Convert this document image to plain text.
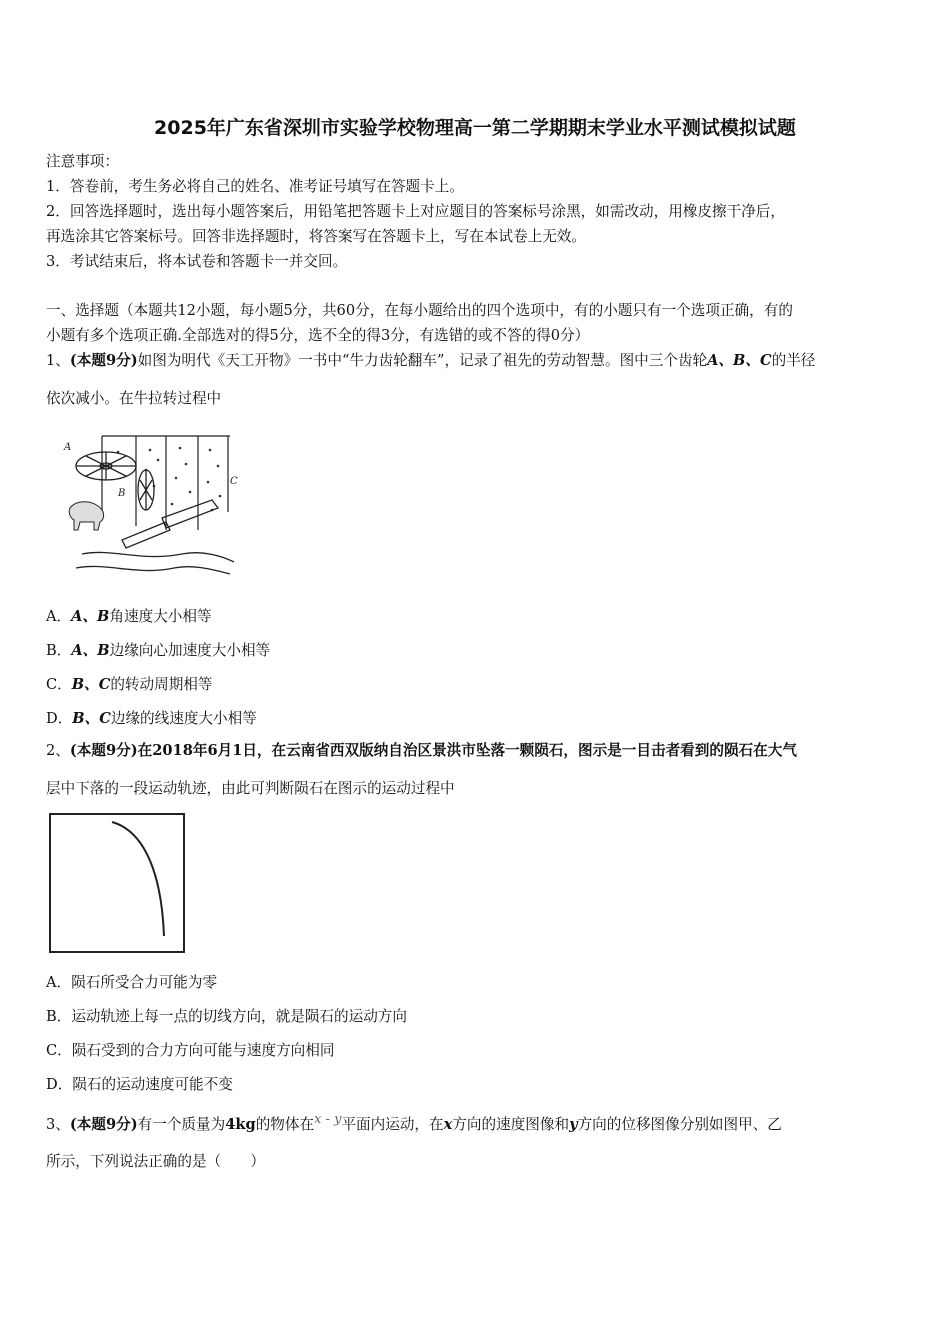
2025年广东省深圳市实验学校物理高一第二学期期末学业水平测试模拟试题
注意事项：
1．答卷前，考生务必将自己的姓名、准考证号填写在答题卡上。
2．回答选择题时，选出每小题答案后，用铅笔把答题卡上对应题目的答案标号涂黑，如需改动，用橡皮擦干净后，
再选涂其它答案标号。回答非选择题时，将答案写在答题卡上，写在本试卷上无效。
3．考试结束后，将本试卷和答题卡一并交回。
一、选择题（本题共12小题，每小题5分，共60分，在每小题给出的四个选项中，有的小题只有一个选项正确，有的
小题有多个选项正确.全部选对的得5分，选不全的得3分，有选错的或不答的得0分）
1、(本题9分)如图为明代《天工开物》一书中“牛力齿轮翻车”，记录了祖先的劳动智慧。图中三个齿轮A、B、C的半径
依次减小。在牛拉转过程中
A
B
C
A．A、B角速度大小相等
B．A、B边缘向心加速度大小相等
C．B、C的转动周期相等
D．B、C边缘的线速度大小相等
2、(本题9分)在2018年6月1日，在云南省西双版纳自治区景洪市坠落一颗陨石，图示是一目击者看到的陨石在大气
层中下落的一段运动轨迹，由此可判断陨石在图示的运动过程中
A．陨石所受合力可能为零
B．运动轨迹上每一点的切线方向，就是陨石的运动方向
C．陨石受到的合力方向可能与速度方向相同
D．陨石的运动速度可能不变
3、(本题9分)有一个质量为4kg的物体在x - y平面内运动，在x方向的速度图像和y方向的位移图像分别如图甲、乙
所示，下列说法正确的是（　　）
